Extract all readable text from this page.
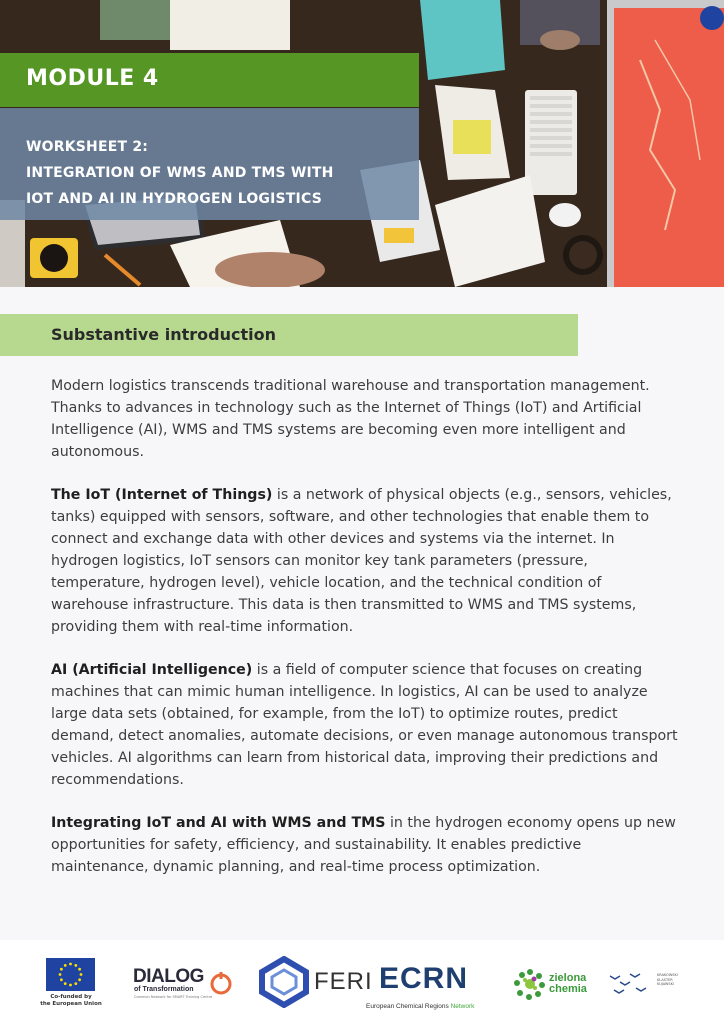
MODULE 4
WORKSHEET 2:
INTEGRATION OF WMS AND TMS WITH
IOT AND AI IN HYDROGEN LOGISTICS
Substantive introduction

Modern logistics transcends traditional warehouse and transportation management. Thanks to advances in technology such as the Internet of Things (IoT) and Artificial Intelligence (AI), WMS and TMS systems are becoming even more intelligent and autonomous.

The IoT (Internet of Things) is a network of physical objects (e.g., sensors, vehicles, tanks) equipped with sensors, software, and other technologies that enable them to connect and exchange data with other devices and systems via the internet. In hydrogen logistics, IoT sensors can monitor key tank parameters (pressure, temperature, hydrogen level), vehicle location, and the technical condition of warehouse infrastructure. This data is then transmitted to WMS and TMS systems, providing them with real-time information.

AI (Artificial Intelligence) is a field of computer science that focuses on creating machines that can mimic human intelligence. In logistics, AI can be used to analyze large data sets (obtained, for example, from the IoT) to optimize routes, predict demand, detect anomalies, automate decisions, or even manage autonomous transport vehicles. AI algorithms can learn from historical data, improving their predictions and recommendations.

Integrating IoT and AI with WMS and TMS in the hydrogen economy opens up new opportunities for safety, efficiency, and sustainability. It enables predictive maintenance, dynamic planning, and real-time process optimization.

Co-funded by
the European Union
DIALOG
of Transformation
Common Network for SMART Training Centre
FERI ECRN
European Chemical Regions Network
zielona
chemia
KRAKOWSKI KLASTER KUJAWSKI
